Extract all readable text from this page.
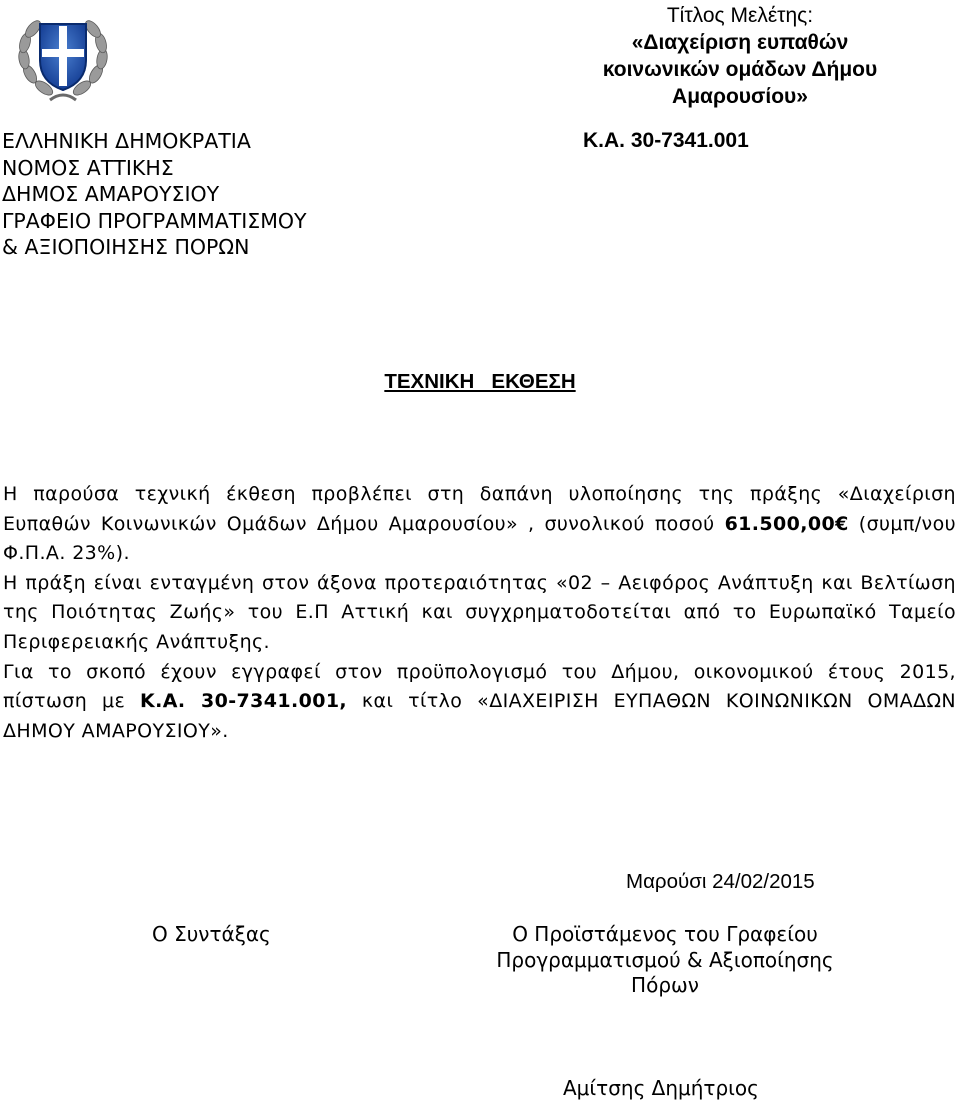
ΕΛΛΗΝΙΚΗ ΔΗΜΟΚΡΑΤΙΑ
ΝΟΜΟΣ ΑΤΤΙΚΗΣ
ΔΗΜΟΣ ΑΜΑΡΟΥΣΙΟΥ
ΓΡΑΦΕΙΟ ΠΡΟΓΡΑΜΜΑΤΙΣΜΟΥ
& ΑΞΙΟΠΟΙΗΣΗΣ ΠΟΡΩΝ
Τίτλος Μελέτης:
«Διαχείριση ευπαθών
κοινωνικών ομάδων Δήμου
Αμαρουσίου»
Κ.Α. 30-7341.001
ΤΕΧΝΙΚΗ   ΕΚΘΕΣΗ

Η παρούσα τεχνική έκθεση προβλέπει στη δαπάνη υλοποίησης της πράξης «Διαχείριση Ευπαθών Κοινωνικών Ομάδων Δήμου Αμαρουσίου» , συνολικού ποσού 61.500,00€ (συμπ/νου Φ.Π.Α. 23%).

Η πράξη είναι ενταγμένη στον άξονα προτεραιότητας «02 – Αειφόρος Ανάπτυξη και Βελτίωση της Ποιότητας Ζωής» του Ε.Π Αττική και συγχρηματοδοτείται από το Ευρωπαϊκό Ταμείο Περιφερειακής Ανάπτυξης.

Για το σκοπό έχουν εγγραφεί στον προϋπολογισμό του Δήμου, οικονομικού έτους 2015, πίστωση με Κ.Α. 30-7341.001, και τίτλο «ΔΙΑΧΕΙΡΙΣΗ ΕΥΠΑΘΩΝ ΚΟΙΝΩΝΙΚΩΝ ΟΜΑΔΩΝ ΔΗΜΟΥ ΑΜΑΡΟΥΣΙΟΥ».

Μαρούσι 24/02/2015
Ο Συντάξας	Ο Προϊστάμενος του Γραφείου
Προγραμματισμού & Αξιοποίησης
Πόρων
Αμίτσης Δημήτριος
